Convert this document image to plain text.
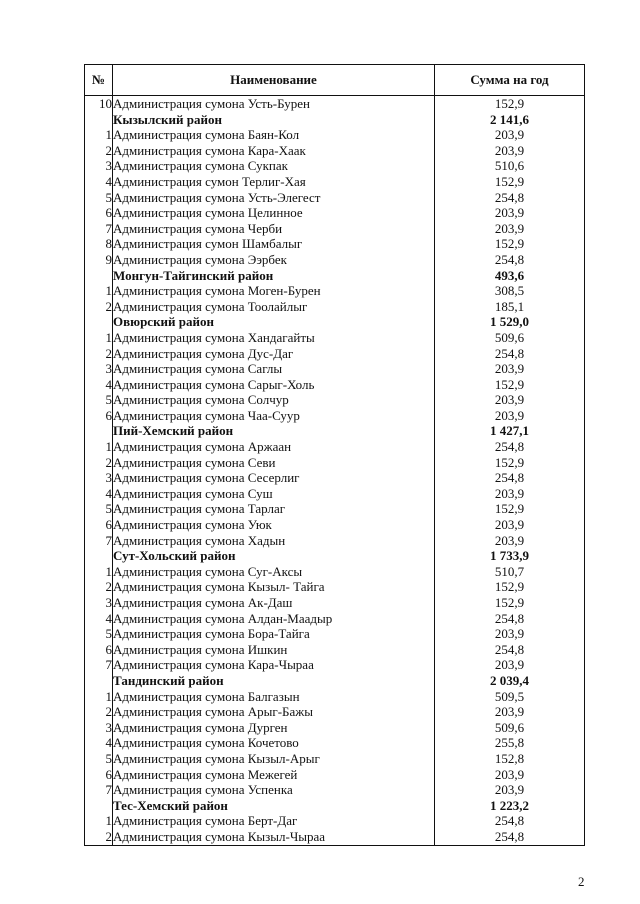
№	Наименование	Сумма на год
10	Администрация сумона Усть-Бурен	152,9
	Кызылский район	2 141,6
1	Администрация сумона Баян-Кол	203,9
2	Администрация сумона Кара-Хаак	203,9
3	Администрация сумона Сукпак	510,6
4	Администрация сумон Терлиг-Хая	152,9
5	Администрация сумона Усть-Элегест	254,8
6	Администрация сумона Целинное	203,9
7	Администрация сумона Черби	203,9
8	Администрация сумон Шамбалыг	152,9
9	Администрация сумона Ээрбек	254,8
	Монгун-Тайгинский район	493,6
1	Администрация сумона Моген-Бурен	308,5
2	Администрация сумона Тоолайлыг	185,1
	Овюрский район	1 529,0
1	Администрация сумона Хандагайты	509,6
2	Администрация сумона Дус-Даг	254,8
3	Администрация сумона Саглы	203,9
4	Администрация сумона Сарыг-Холь	152,9
5	Администрация сумона Солчур	203,9
6	Администрация сумона Чаа-Суур	203,9
	Пий-Хемский район	1 427,1
1	Администрация сумона Аржаан	254,8
2	Администрация сумона Севи	152,9
3	Администрация сумона Сесерлиг	254,8
4	Администрация сумона Суш	203,9
5	Администрация сумона Тарлаг	152,9
6	Администрация сумона Уюк	203,9
7	Администрация сумона Хадын	203,9
	Сут-Хольский район	1 733,9
1	Администрация сумона Суг-Аксы	510,7
2	Администрация сумона Кызыл- Тайга	152,9
3	Администрация сумона Ак-Даш	152,9
4	Администрация сумона Алдан-Маадыр	254,8
5	Администрация сумона Бора-Тайга	203,9
6	Администрация сумона Ишкин	254,8
7	Администрация сумона Кара-Чыраа	203,9
	Тандинский район	2 039,4
1	Администрация сумона Балгазын	509,5
2	Администрация сумона Арыг-Бажы	203,9
3	Администрация сумона Дурген	509,6
4	Администрация сумона Кочетово	255,8
5	Администрация сумона Кызыл-Арыг	152,8
6	Администрация сумона Межегей	203,9
7	Администрация сумона Успенка	203,9
	Тес-Хемский район	1 223,2
1	Администрация сумона Берт-Даг	254,8
2	Администрация сумона Кызыл-Чыраа	254,8
2
